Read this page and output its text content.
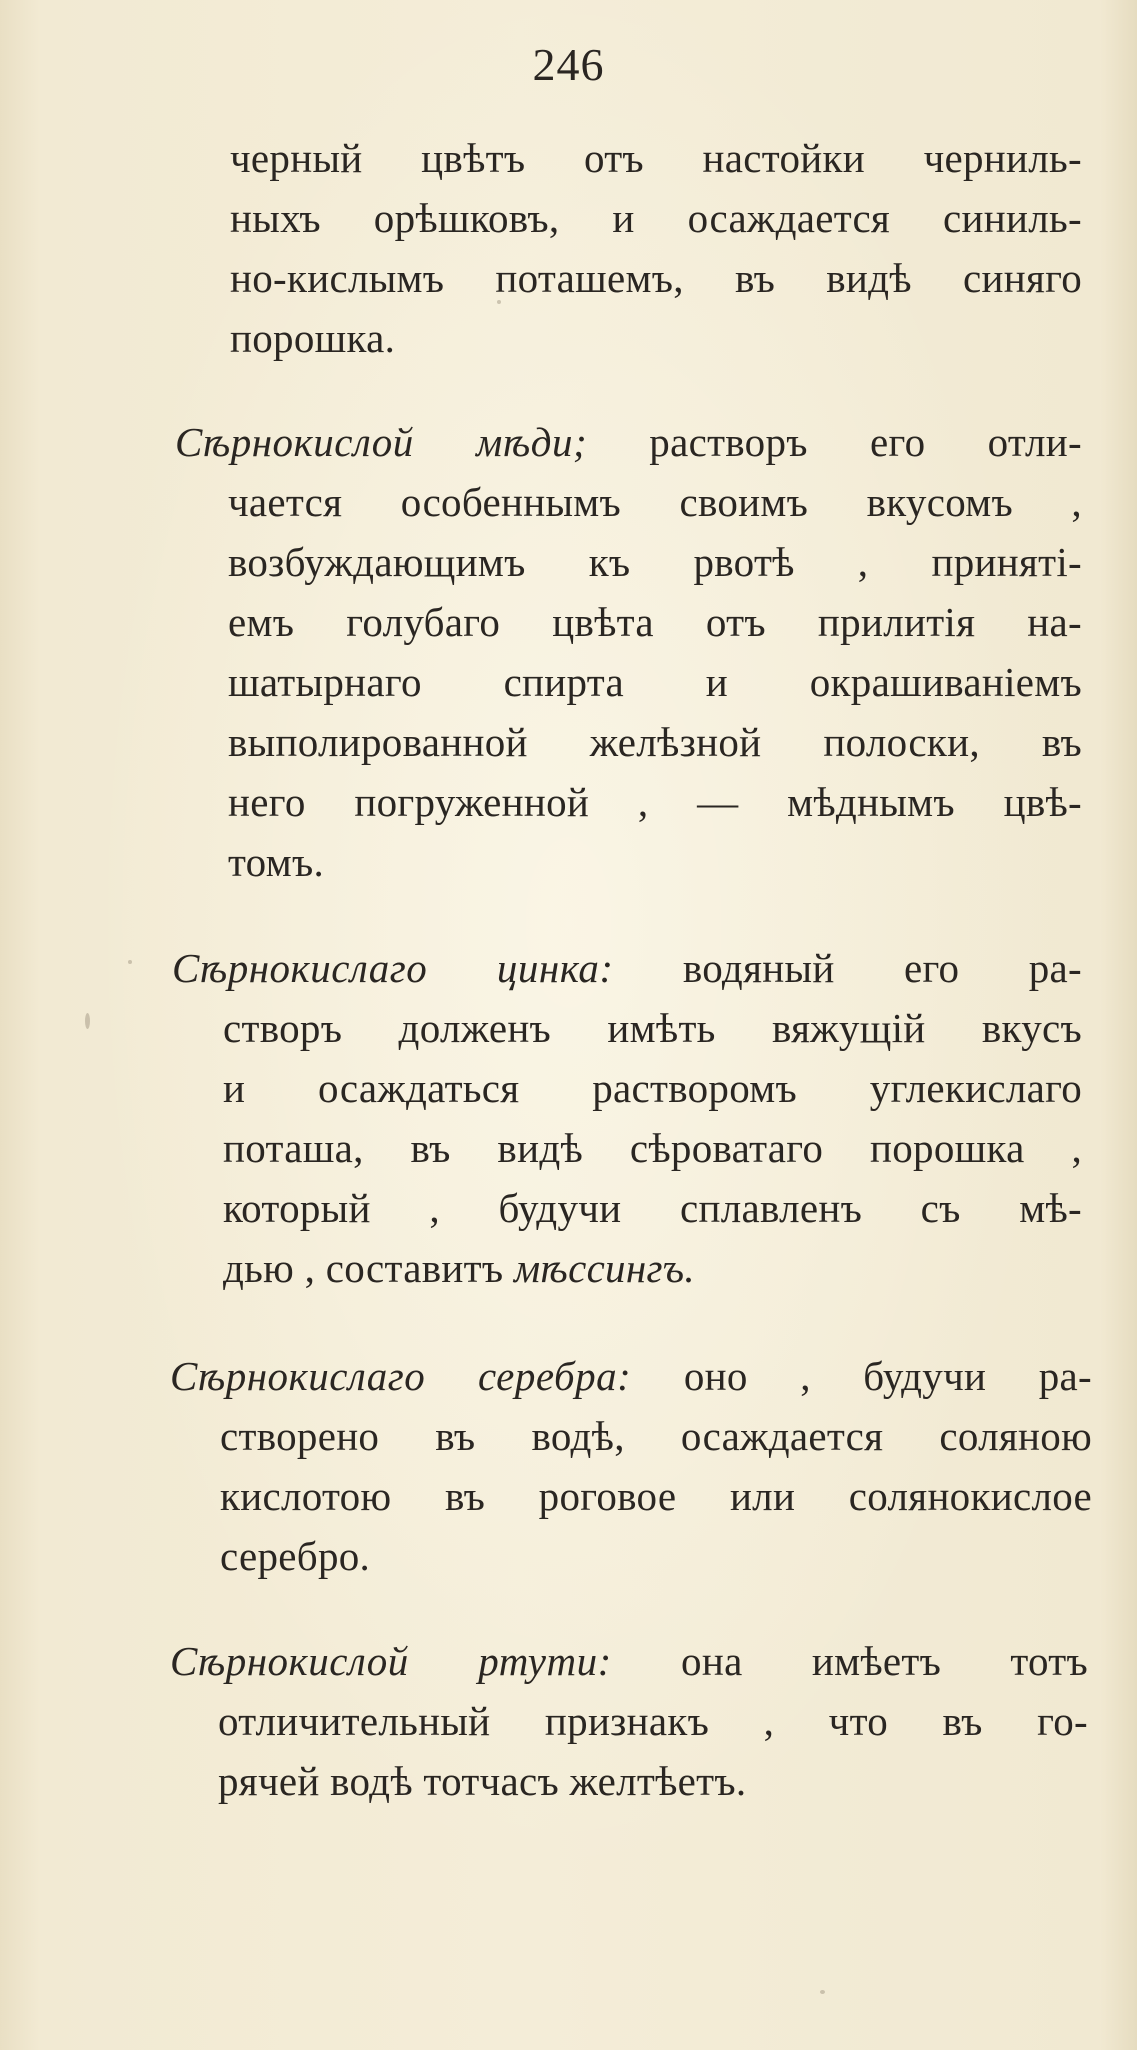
246
черный цвѣтъ отъ настойки черниль-
ныхъ орѣшковъ, и осаждается синиль-
но-кислымъ поташемъ, въ видѣ синяго
порошка.
Сѣрнокислой мѣди; растворъ его отли-
чается особеннымъ своимъ вкусомъ ,
возбуждающимъ къ рвотѣ , принятi-
емъ голубаго цвѣта отъ прилитiя на-
шатырнаго спирта и окрашиванiемъ
выполированной желѣзной полоски, въ
него погруженной , — мѣднымъ цвѣ-
томъ.
Сѣрнокислаго цинка: водяный его ра-
створъ долженъ имѣть вяжущiй вкусъ
и осаждаться растворомъ углекислаго
поташа, въ видѣ сѣроватаго порошка ,
который , будучи сплавленъ съ мѣ-
дью , составитъ мѣссингъ.
Сѣрнокислаго серебра: оно , будучи ра-
створено въ водѣ, осаждается соляною
кислотою въ роговое или солянокислое
серебро.
Сѣрнокислой ртути: она имѣетъ тотъ
отличительный признакъ , что въ го-
рячей водѣ тотчасъ желтѣетъ.
